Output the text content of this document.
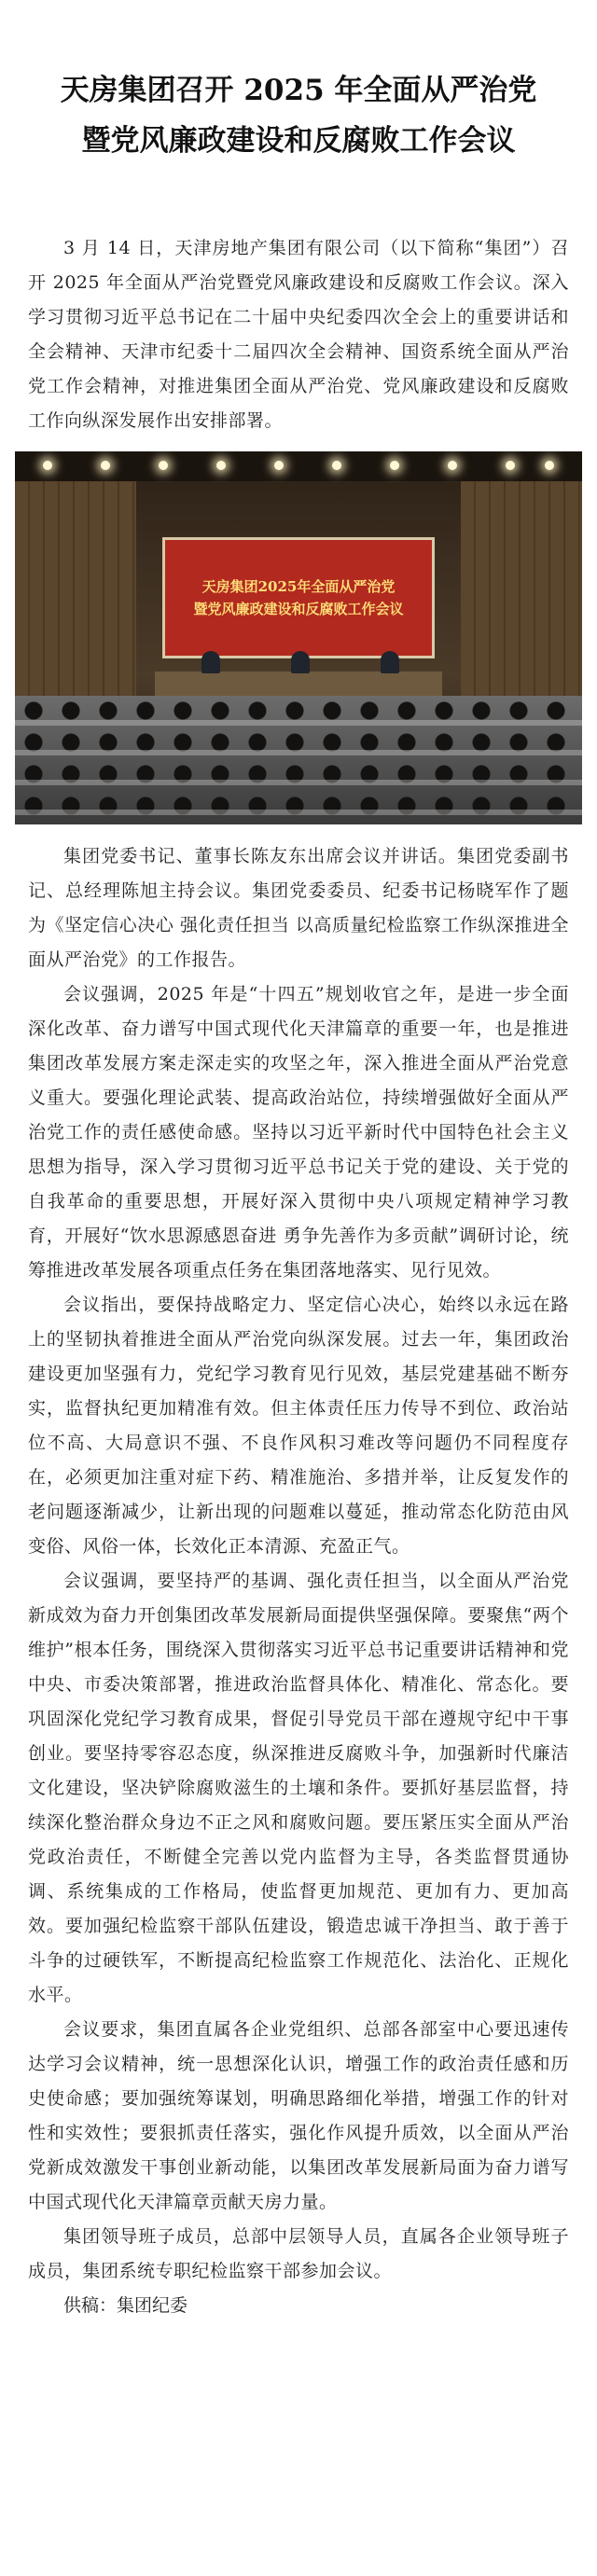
天房集团召开 2025 年全面从严治党
暨党风廉政建设和反腐败工作会议

3 月 14 日，天津房地产集团有限公司（以下简称“集团”）召开 2025 年全面从严治党暨党风廉政建设和反腐败工作会议。深入学习贯彻习近平总书记在二十届中央纪委四次全会上的重要讲话和全会精神、天津市纪委十二届四次全会精神、国资系统全面从严治党工作会精神，对推进集团全面从严治党、党风廉政建设和反腐败工作向纵深发展作出安排部署。

天房集团2025年全面从严治党
暨党风廉政建设和反腐败工作会议

集团党委书记、董事长陈友东出席会议并讲话。集团党委副书记、总经理陈旭主持会议。集团党委委员、纪委书记杨晓军作了题为《坚定信心决心 强化责任担当 以高质量纪检监察工作纵深推进全面从严治党》的工作报告。

会议强调，2025 年是“十四五”规划收官之年，是进一步全面深化改革、奋力谱写中国式现代化天津篇章的重要一年，也是推进集团改革发展方案走深走实的攻坚之年，深入推进全面从严治党意义重大。要强化理论武装、提高政治站位，持续增强做好全面从严治党工作的责任感使命感。坚持以习近平新时代中国特色社会主义思想为指导，深入学习贯彻习近平总书记关于党的建设、关于党的自我革命的重要思想，开展好深入贯彻中央八项规定精神学习教育，开展好“饮水思源感恩奋进 勇争先善作为多贡献”调研讨论，统筹推进改革发展各项重点任务在集团落地落实、见行见效。

会议指出，要保持战略定力、坚定信心决心，始终以永远在路上的坚韧执着推进全面从严治党向纵深发展。过去一年，集团政治建设更加坚强有力，党纪学习教育见行见效，基层党建基础不断夯实，监督执纪更加精准有效。但主体责任压力传导不到位、政治站位不高、大局意识不强、不良作风积习难改等问题仍不同程度存在，必须更加注重对症下药、精准施治、多措并举，让反复发作的老问题逐渐减少，让新出现的问题难以蔓延，推动常态化防范由风变俗、风俗一体，长效化正本清源、充盈正气。

会议强调，要坚持严的基调、强化责任担当，以全面从严治党新成效为奋力开创集团改革发展新局面提供坚强保障。要聚焦“两个维护”根本任务，围绕深入贯彻落实习近平总书记重要讲话精神和党中央、市委决策部署，推进政治监督具体化、精准化、常态化。要巩固深化党纪学习教育成果，督促引导党员干部在遵规守纪中干事创业。要坚持零容忍态度，纵深推进反腐败斗争，加强新时代廉洁文化建设，坚决铲除腐败滋生的土壤和条件。要抓好基层监督，持续深化整治群众身边不正之风和腐败问题。要压紧压实全面从严治党政治责任，不断健全完善以党内监督为主导，各类监督贯通协调、系统集成的工作格局，使监督更加规范、更加有力、更加高效。要加强纪检监察干部队伍建设，锻造忠诚干净担当、敢于善于斗争的过硬铁军，不断提高纪检监察工作规范化、法治化、正规化水平。

会议要求，集团直属各企业党组织、总部各部室中心要迅速传达学习会议精神，统一思想深化认识，增强工作的政治责任感和历史使命感；要加强统筹谋划，明确思路细化举措，增强工作的针对性和实效性；要狠抓责任落实，强化作风提升质效，以全面从严治党新成效激发干事创业新动能，以集团改革发展新局面为奋力谱写中国式现代化天津篇章贡献天房力量。

集团领导班子成员，总部中层领导人员，直属各企业领导班子成员，集团系统专职纪检监察干部参加会议。

供稿：集团纪委
